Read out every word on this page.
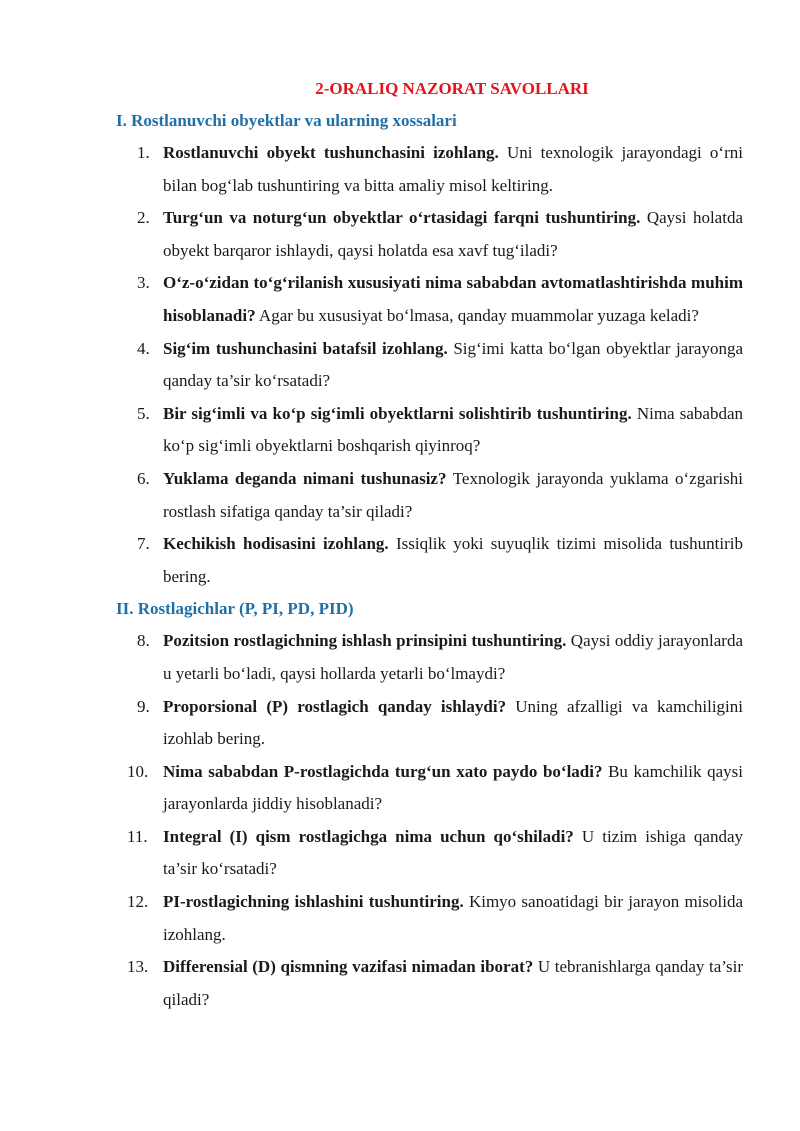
2-ORALIQ NAZORAT SAVOLLARI
I. Rostlanuvchi obyektlar va ularning xossalari
1. Rostlanuvchi obyekt tushunchasini izohlang. Uni texnologik jarayondagi o‘rni bilan bog‘lab tushuntiring va bitta amaliy misol keltiring.
2. Turg‘un va noturg‘un obyektlar o‘rtasidagi farqni tushuntiring. Qaysi holatda obyekt barqaror ishlaydi, qaysi holatda esa xavf tug‘iladi?
3. O‘z-o‘zidan to‘g‘rilanish xususiyati nima sababdan avtomatlashtirishda muhim hisoblanadi? Agar bu xususiyat bo‘lmasa, qanday muammolar yuzaga keladi?
4. Sig‘im tushunchasini batafsil izohlang. Sig‘imi katta bo‘lgan obyektlar jarayonga qanday ta’sir ko‘rsatadi?
5. Bir sig‘imli va ko‘p sig‘imli obyektlarni solishtirib tushuntiring. Nima sababdan ko‘p sig‘imli obyektlarni boshqarish qiyinroq?
6. Yuklama deganda nimani tushunasiz? Texnologik jarayonda yuklama o‘zgarishi rostlash sifatiga qanday ta’sir qiladi?
7. Kechikish hodisasini izohlang. Issiqlik yoki suyuqlik tizimi misolida tushuntirib bering.
II. Rostlagichlar (P, PI, PD, PID)
8. Pozitsion rostlagichning ishlash prinsipini tushuntiring. Qaysi oddiy jarayonlarda u yetarli bo‘ladi, qaysi hollarda yetarli bo‘lmaydi?
9. Proporsional (P) rostlagich qanday ishlaydi? Uning afzalligi va kamchiligini izohlab bering.
10. Nima sababdan P-rostlagichda turg‘un xato paydo bo‘ladi? Bu kamchilik qaysi jarayonlarda jiddiy hisoblanadi?
11. Integral (I) qism rostlagichga nima uchun qo‘shiladi? U tizim ishiga qanday ta’sir ko‘rsatadi?
12. PI-rostlagichning ishlashini tushuntiring. Kimyo sanoatidagi bir jarayon misolida izohlang.
13. Differensial (D) qismning vazifasi nimadan iborat? U tebranishlarga qanday ta’sir qiladi?
